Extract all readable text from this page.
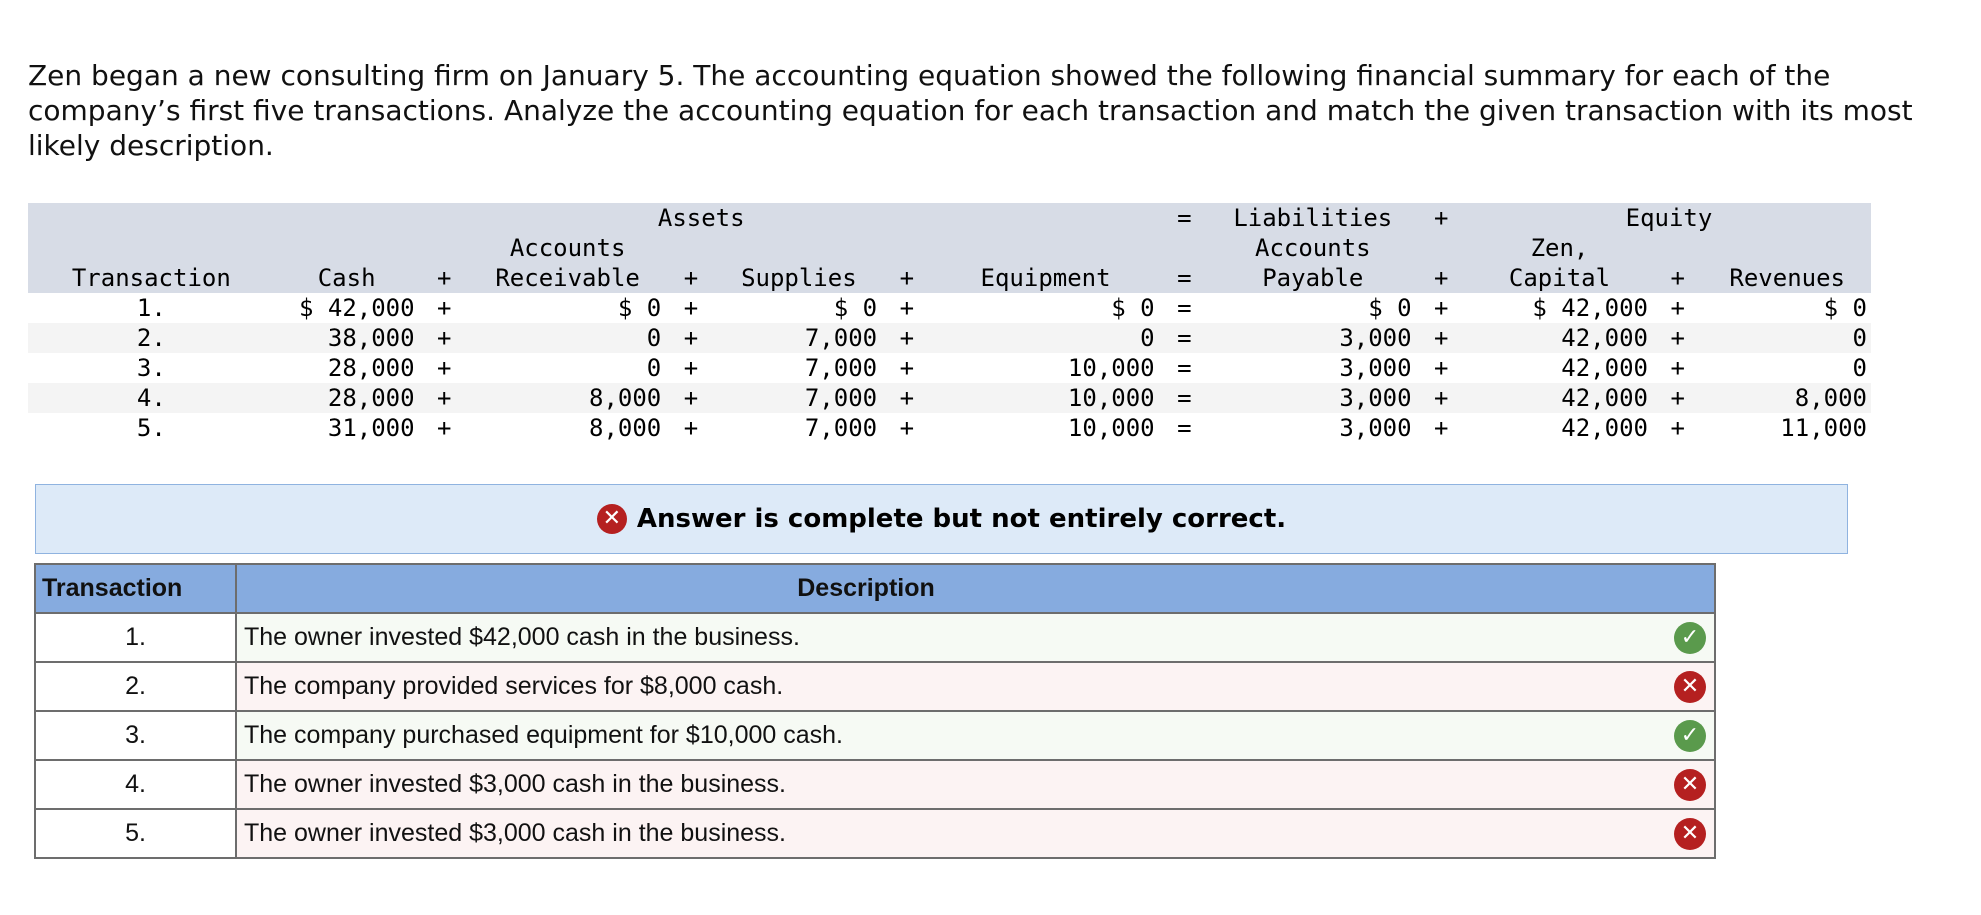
Zen began a new consulting firm on January 5. The accounting equation showed the following financial summary for each of the company’s first five transactions. Analyze the accounting equation for each transaction and match the given transaction with its most likely description.
			Assets					=	Liabilities	+	Equity		
			Accounts						Accounts		Zen,		
Transaction	Cash	+	Receivable	+	Supplies	+	Equipment	=	Payable	+	Capital	+	Revenues
1.	$ 42,000	+	$ 0	+	$ 0	+	$ 0	=	$ 0	+	$ 42,000	+	$ 0
2.	38,000	+	0	+	7,000	+	0	=	3,000	+	42,000	+	0
3.	28,000	+	0	+	7,000	+	10,000	=	3,000	+	42,000	+	0
4.	28,000	+	8,000	+	7,000	+	10,000	=	3,000	+	42,000	+	8,000
5.	31,000	+	8,000	+	7,000	+	10,000	=	3,000	+	42,000	+	11,000
✕ Answer is complete but not entirely correct.
Transaction	Description
1.	The owner invested $42,000 cash in the business. ✓

2.	The company provided services for $8,000 cash. ✕

3.	The company purchased equipment for $10,000 cash. ✓

4.	The owner invested $3,000 cash in the business. ✕

5.	The owner invested $3,000 cash in the business. ✕
